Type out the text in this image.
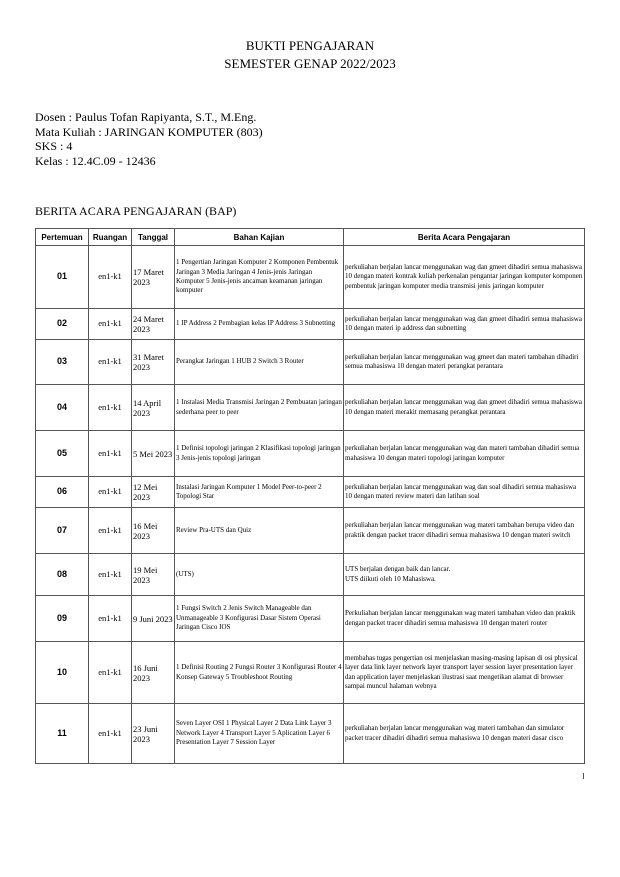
BUKTI PENGAJARAN
SEMESTER GENAP 2022/2023
Dosen : Paulus Tofan Rapiyanta, S.T., M.Eng.
Mata Kuliah : JARINGAN KOMPUTER (803)
SKS : 4
Kelas : 12.4C.09 - 12436
BERITA ACARA PENGAJARAN (BAP)
Pertemuan	Ruangan	Tanggal	Bahan Kajian	Berita Acara Pengajaran
01	en1-k1	17 Maret 2023	1 Pengertian Jaringan Komputer 2 Komponen Pembentuk Jaringan 3 Media Jaringan 4 Jenis-jenis Jaringan Komputer 5 Jenis-jenis ancaman keamanan jaringan komputer	perkuliahan berjalan lancar menggunakan wag dan gmeet dihadiri semua mahasiswa 10 dengan materi kontrak kuliah perkenalan pengantar jaringan komputer komponen pembentuk jaringan komputer media transmisi jenis jaringan komputer
02	en1-k1	24 Maret 2023	1 IP Address 2 Pembagian kelas IP Address 3 Subnetting	perkuliahan berjalan lancar menggunakan wag dan gmeet dihadiri semua mahasiswa 10 dengan materi ip address dan subnetting
03	en1-k1	31 Maret 2023	Perangkat Jaringan 1 HUB 2 Switch 3 Router	perkuliahan berjalan lancar menggunakan wag gmeet dan materi tambahan dihadiri semua mahasiswa 10 dengan materi perangkat perantara
04	en1-k1	14 April 2023	1 Instalasi Media Transmisi Jaringan 2 Pembuatan jaringan sederhana peer to peer	perkuliahan berjalan lancar menggunakan wag dan gmeet dihadiri semua mahasiswa 10 dengan materi merakit memasang perangkat perantara
05	en1-k1	5 Mei 2023	1 Definisi topologi jaringan 2 Klasifikasi topologi jaringan 3 Jenis-jenis topologi jaringan	perkuliahan berjalan lancar menggunakan wag dan materi tambahan dihadiri semua mahasiswa 10 dengan materi topologi jaringan komputer
06	en1-k1	12 Mei 2023	Instalasi Jaringan Komputer 1 Model Peer-to-peer 2 Topologi Star	perkuliahan berjalan lancar menggunakan wag dan soal dihadiri semua mahasiswa 10 dengan materi review materi dan latihan soal
07	en1-k1	16 Mei 2023	Review Pra-UTS dan Quiz	perkuliahan berjalan lancar menggunakan wag materi tambahan berupa video dan praktik dengan packet tracer dihadiri semua mahasiswa 10 dengan materi switch
08	en1-k1	19 Mei 2023	(UTS)	UTS berjalan dengan baik dan lancar.
UTS diikuti oleh 10 Mahasiswa.
09	en1-k1	9 Juni 2023	1 Fungsi Switch 2 Jenis Switch Manageable dan Unmanageable 3 Konfigurasi Dasar Sistem Operasi Jaringan Cisco IOS	Perkuliahan berjalan lancar menggunakan wag materi tambahan video dan praktik dengan packet tracer dihadiri semua mahasiswa 10 dengan materi router
10	en1-k1	16 Juni 2023	1 Definisi Routing 2 Fungsi Router 3 Konfigurasi Router 4 Konsep Gateway 5 Troubleshoot Routing	membahas tugas pengertian osi menjelaskan masing-masing lapisan di osi physical layer data link layer network layer transport layer session layer presentation layer dan application layer menjelaskan ilustrasi saat mengetikan alamat di browser sampai muncul halaman webnya
11	en1-k1	23 Juni 2023	Seven Layer OSI 1 Physical Layer 2 Data Link Layer 3 Network Layer 4 Transport Layer 5 Aplication Layer 6 Presentation Layer 7 Session Layer	perkuliahan berjalan lancar menggunakan wag materi tambahan dan simulator packet tracer dihadiri dihadiri semua mahasiswa 10 dengan materi dasar cisco
